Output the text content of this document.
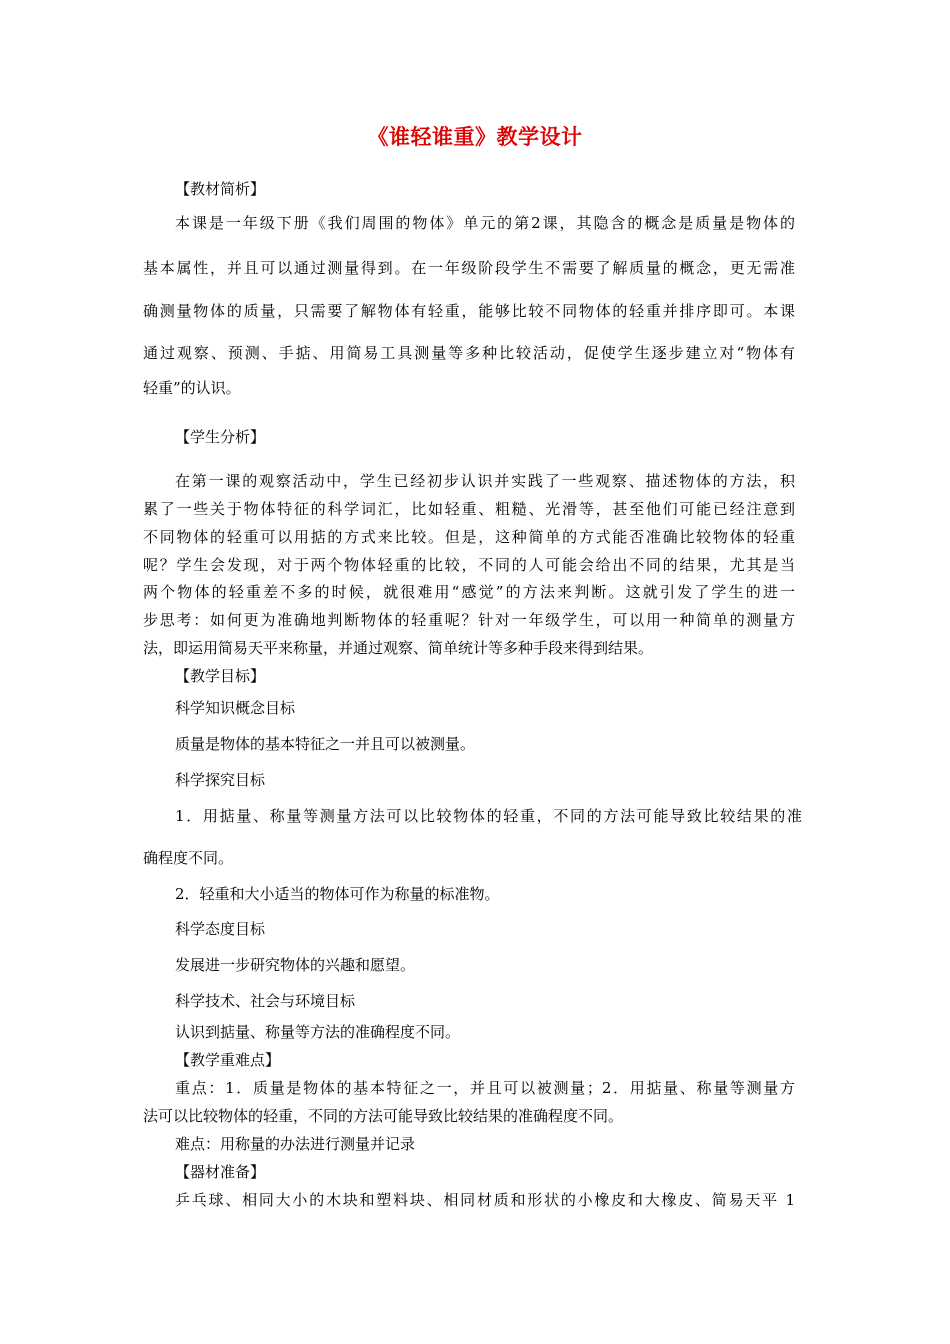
《谁轻谁重》教学设计
【教材简析】
本课是一年级下册《我们周围的物体》单元的第2课，其隐含的概念是质量是物体的
基本属性，并且可以通过测量得到。在一年级阶段学生不需要了解质量的概念，更无需准
确测量物体的质量，只需要了解物体有轻重，能够比较不同物体的轻重并排序即可。本课
通过观察、预测、手掂、用简易工具测量等多种比较活动，促使学生逐步建立对“物体有
轻重”的认识。
【学生分析】
在第一课的观察活动中，学生已经初步认识并实践了一些观察、描述物体的方法，积
累了一些关于物体特征的科学词汇，比如轻重、粗糙、光滑等，甚至他们可能已经注意到
不同物体的轻重可以用掂的方式来比较。但是，这种简单的方式能否准确比较物体的轻重
呢？学生会发现，对于两个物体轻重的比较，不同的人可能会给出不同的结果，尤其是当
两个物体的轻重差不多的时候，就很难用“感觉”的方法来判断。这就引发了学生的进一
步思考：如何更为准确地判断物体的轻重呢？针对一年级学生，可以用一种简单的测量方
法，即运用简易天平来称量，并通过观察、简单统计等多种手段来得到结果。
【教学目标】
科学知识概念目标
质量是物体的基本特征之一并且可以被测量。
科学探究目标
1．用掂量、称量等测量方法可以比较物体的轻重，不同的方法可能导致比较结果的准
确程度不同。
2．轻重和大小适当的物体可作为称量的标准物。
科学态度目标
发展进一步研究物体的兴趣和愿望。
科学技术、社会与环境目标
认识到掂量、称量等方法的准确程度不同。
【教学重难点】
重点：1．质量是物体的基本特征之一，并且可以被测量；2．用掂量、称量等测量方
法可以比较物体的轻重，不同的方法可能导致比较结果的准确程度不同。
难点：用称量的办法进行测量并记录
【器材准备】
乒乓球、相同大小的木块和塑料块、相同材质和形状的小橡皮和大橡皮、简易天平 1
